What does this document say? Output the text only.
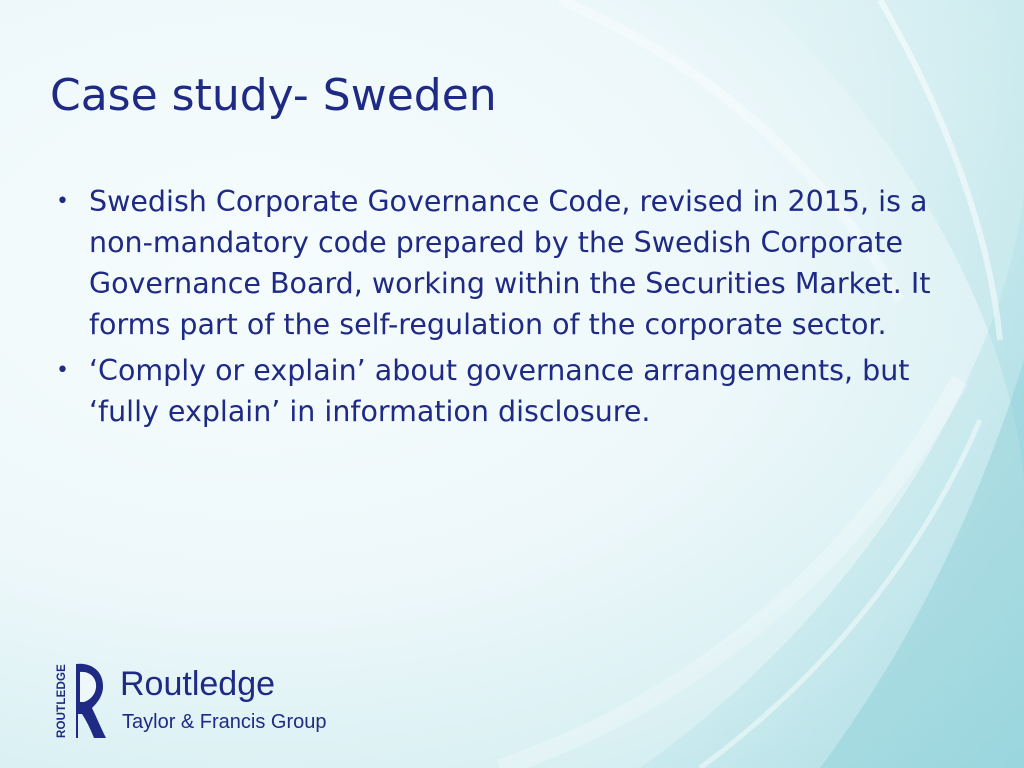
Case study- Sweden
• Swedish Corporate Governance Code, revised in 2015, is a non-mandatory code prepared by the Swedish Corporate Governance Board, working within the Securities Market. It forms part of the self-regulation of the corporate sector.
• ‘Comply or explain’ about governance arrangements, but ‘fully explain’ in information disclosure.
ROUTLEDGE Routledge
Taylor & Francis Group
